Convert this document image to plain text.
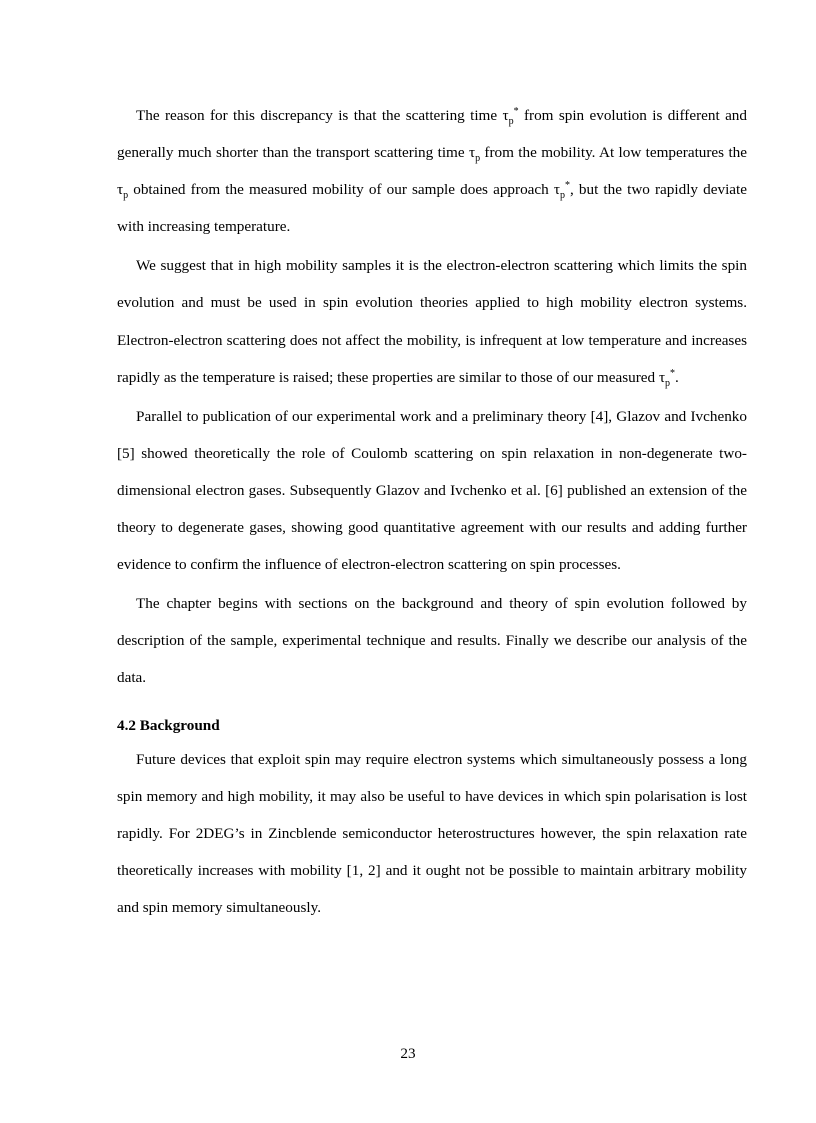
The reason for this discrepancy is that the scattering time $\tau_p^*$ from spin evolution is different and generally much shorter than the transport scattering time $\tau_p$ from the mobility. At low temperatures the $\tau_p$ obtained from the measured mobility of our sample does approach $\tau_p^*$, but the two rapidly deviate with increasing temperature.

We suggest that in high mobility samples it is the electron-electron scattering which limits the spin evolution and must be used in spin evolution theories applied to high mobility electron systems. Electron-electron scattering does not affect the mobility, is infrequent at low temperature and increases rapidly as the temperature is raised; these properties are similar to those of our measured $\tau_p^*$.

Parallel to publication of our experimental work and a preliminary theory [4], Glazov and Ivchenko [5] showed theoretically the role of Coulomb scattering on spin relaxation in non-degenerate two-dimensional electron gases. Subsequently Glazov and Ivchenko et al. [6] published an extension of the theory to degenerate gases, showing good quantitative agreement with our results and adding further evidence to confirm the influence of electron-electron scattering on spin processes.

The chapter begins with sections on the background and theory of spin evolution followed by description of the sample, experimental technique and results. Finally we describe our analysis of the data.

4.2 Background

Future devices that exploit spin may require electron systems which simultaneously possess a long spin memory and high mobility, it may also be useful to have devices in which spin polarisation is lost rapidly. For 2DEG’s in Zincblende semiconductor heterostructures however, the spin relaxation rate theoretically increases with mobility [1, 2] and it ought not be possible to maintain arbitrary mobility and spin memory simultaneously.

23
